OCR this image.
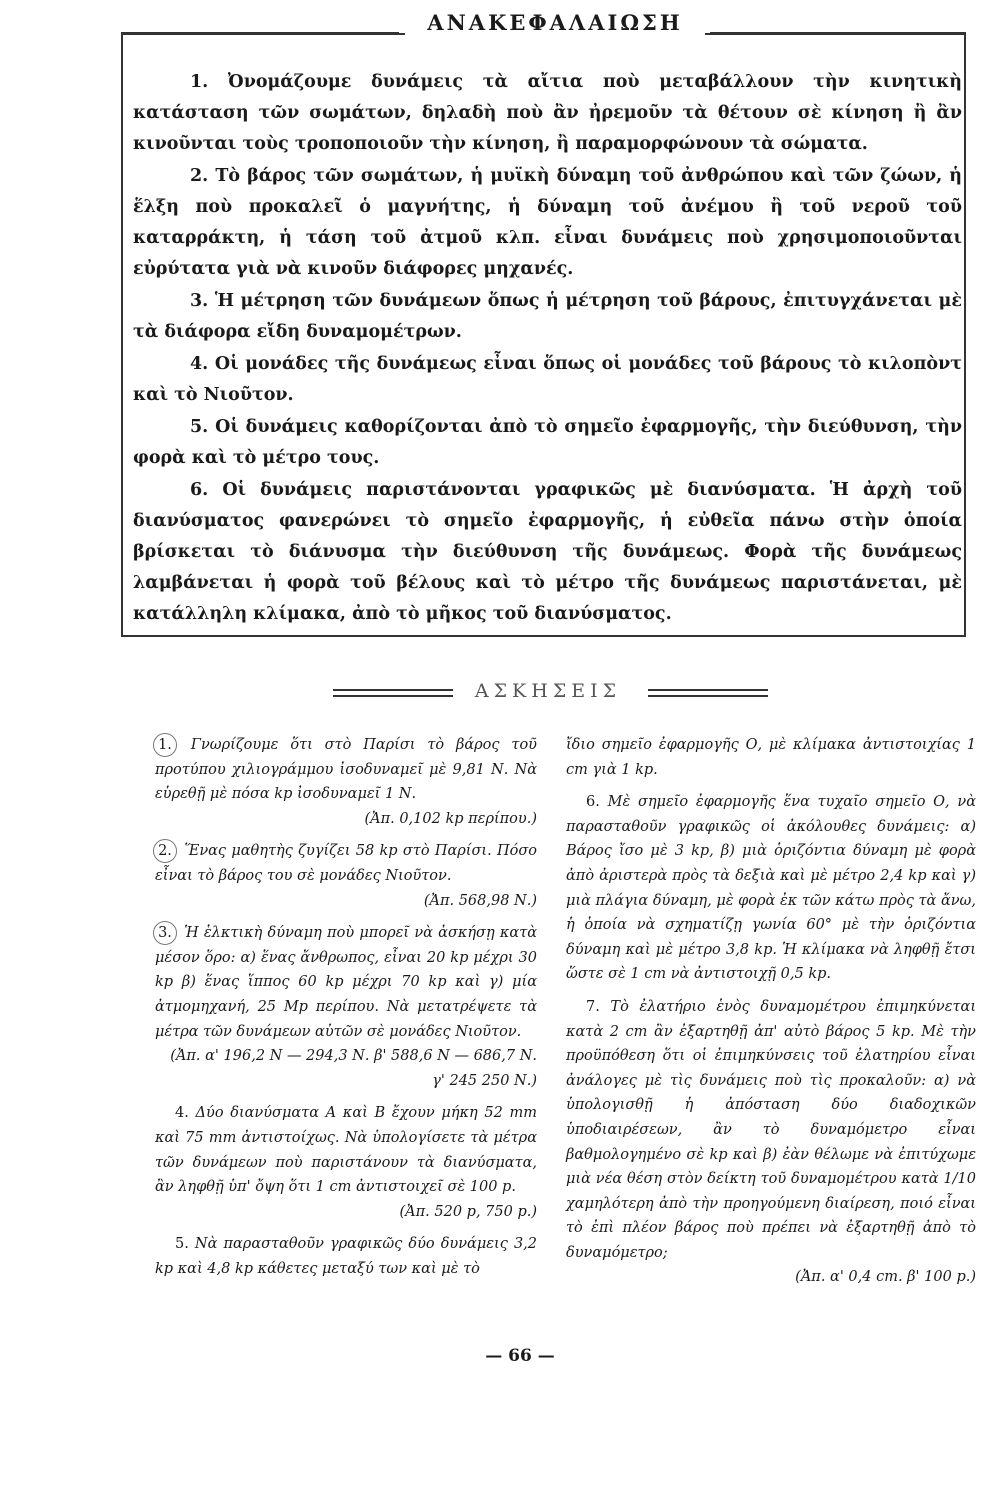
ΑΝΑΚΕΦΑΛΑΙΩΣΗ

1. Ὀνομάζουμε δυνάμεις τὰ αἴτια ποὺ μεταβάλλουν τὴν κινητικὴ κατάσταση τῶν σωμάτων, δηλαδὴ ποὺ ἂν ἠρεμοῦν τὰ θέτουν σὲ κίνηση ἢ ἂν κινοῦνται τοὺς τροποποιοῦν τὴν κίνηση, ἢ παραμορφώνουν τὰ σώματα.

2. Τὸ βάρος τῶν σωμάτων, ἡ μυϊκὴ δύναμη τοῦ ἀνθρώπου καὶ τῶν ζώων, ἡ ἕλξη ποὺ προκαλεῖ ὁ μαγνήτης, ἡ δύναμη τοῦ ἀνέμου ἢ τοῦ νεροῦ τοῦ καταρράκτη, ἡ τάση τοῦ ἀτμοῦ κλπ. εἶναι δυνάμεις ποὺ χρησιμοποιοῦνται εὐρύτατα γιὰ νὰ κινοῦν διάφορες μηχανές.

3. Ἡ μέτρηση τῶν δυνάμεων ὅπως ἡ μέτρηση τοῦ βάρους, ἐπιτυγχάνεται μὲ τὰ διάφορα εἴδη δυναμομέτρων.

4. Οἱ μονάδες τῆς δυνάμεως εἶναι ὅπως οἱ μονάδες τοῦ βάρους τὸ κιλοπὸντ καὶ τὸ Νιοῦτον.

5. Οἱ δυνάμεις καθορίζονται ἀπὸ τὸ σημεῖο ἐφαρμογῆς, τὴν διεύθυνση, τὴν φορὰ καὶ τὸ μέτρο τους.

6. Οἱ δυνάμεις παριστάνονται γραφικῶς μὲ διανύσματα. Ἡ ἀρχὴ τοῦ διανύσματος φανερώνει τὸ σημεῖο ἐφαρμογῆς, ἡ εὐθεῖα πάνω στὴν ὁποία βρίσκεται τὸ διάνυσμα τὴν διεύθυνση τῆς δυνάμεως. Φορὰ τῆς δυνάμεως λαμβάνεται ἡ φορὰ τοῦ βέλους καὶ τὸ μέτρο τῆς δυνάμεως παριστάνεται, μὲ κατάλληλη κλίμακα, ἀπὸ τὸ μῆκος τοῦ διανύσματος.

ΑΣΚΗΣΕΙΣ

1. Γνωρίζουμε ὅτι στὸ Παρίσι τὸ βάρος τοῦ προτύπου χιλιογράμμου ἰσοδυναμεῖ μὲ 9,81 Ν. Νὰ εὑρεθῇ μὲ πόσα kp ἰσοδυναμεῖ 1 Ν.
(Ἀπ. 0,102 kp περίπου.)

2. Ἕνας μαθητὴς ζυγίζει 58 kp στὸ Παρίσι. Πόσο εἶναι τὸ βάρος του σὲ μονάδες Νιοῦτον.
(Ἀπ. 568,98 Ν.)

3. Ἡ ἑλκτικὴ δύναμη ποὺ μπορεῖ νὰ ἀσκήσῃ κατὰ μέσον ὅρο: α) ἕνας ἄνθρωπος, εἶναι 20 kp μέχρι 30 kp β) ἕνας ἵππος 60 kp μέχρι 70 kp καὶ γ) μία ἀτμομηχανή, 25 Mp περίπου. Νὰ μετατρέψετε τὰ μέτρα τῶν δυνάμεων αὐτῶν σὲ μονάδες Νιοῦτον.
(Ἀπ. α' 196,2 Ν — 294,3 Ν. β' 588,6 Ν — 686,7 Ν. γ' 245 250 Ν.)

4. Δύο διανύσματα Α καὶ Β ἔχουν μήκη 52 mm καὶ 75 mm ἀντιστοίχως. Νὰ ὑπολογίσετε τὰ μέτρα τῶν δυνάμεων ποὺ παριστάνουν τὰ διανύσματα, ἂν ληφθῇ ὑπ' ὄψη ὅτι 1 cm ἀντιστοιχεῖ σὲ 100 p.
(Ἀπ. 520 p, 750 p.)

5. Νὰ παρασταθοῦν γραφικῶς δύο δυνάμεις 3,2 kp καὶ 4,8 kp κάθετες μεταξύ των καὶ μὲ τὸ

ἴδιο σημεῖο ἐφαρμογῆς Ο, μὲ κλίμακα ἀντιστοιχίας 1 cm γιὰ 1 kp.

6. Μὲ σημεῖο ἐφαρμογῆς ἕνα τυχαῖο σημεῖο Ο, νὰ παρασταθοῦν γραφικῶς οἱ ἀκόλουθες δυνάμεις: α) Βάρος ἴσο μὲ 3 kp, β) μιὰ ὁριζόντια δύναμη μὲ φορὰ ἀπὸ ἀριστερὰ πρὸς τὰ δεξιὰ καὶ μὲ μέτρο 2,4 kp καὶ γ) μιὰ πλάγια δύναμη, μὲ φορὰ ἐκ τῶν κάτω πρὸς τὰ ἄνω, ἡ ὁποία νὰ σχηματίζῃ γωνία 60° μὲ τὴν ὁριζόντια δύναμη καὶ μὲ μέτρο 3,8 kp. Ἡ κλίμακα νὰ ληφθῇ ἔτσι ὥστε σὲ 1 cm νὰ ἀντιστοιχῇ 0,5 kp.

7. Τὸ ἐλατήριο ἑνὸς δυναμομέτρου ἐπιμηκύνεται κατὰ 2 cm ἂν ἐξαρτηθῇ ἀπ' αὐτὸ βάρος 5 kp. Μὲ τὴν προϋπόθεση ὅτι οἱ ἐπιμηκύνσεις τοῦ ἐλατηρίου εἶναι ἀνάλογες μὲ τὶς δυνάμεις ποὺ τὶς προκαλοῦν: α) νὰ ὑπολογισθῇ ἡ ἀπόσταση δύο διαδοχικῶν ὑποδιαιρέσεων, ἂν τὸ δυναμόμετρο εἶναι βαθμολογημένο σὲ kp καὶ β) ἐὰν θέλωμε νὰ ἐπιτύχωμε μιὰ νέα θέση στὸν δείκτη τοῦ δυναμομέτρου κατὰ 1/10 χαμηλότερη ἀπὸ τὴν προηγούμενη διαίρεση, ποιό εἶναι τὸ ἐπὶ πλέον βάρος ποὺ πρέπει νὰ ἐξαρτηθῇ ἀπὸ τὸ δυναμόμετρο;
(Ἀπ. α' 0,4 cm. β' 100 p.)

— 66 —
